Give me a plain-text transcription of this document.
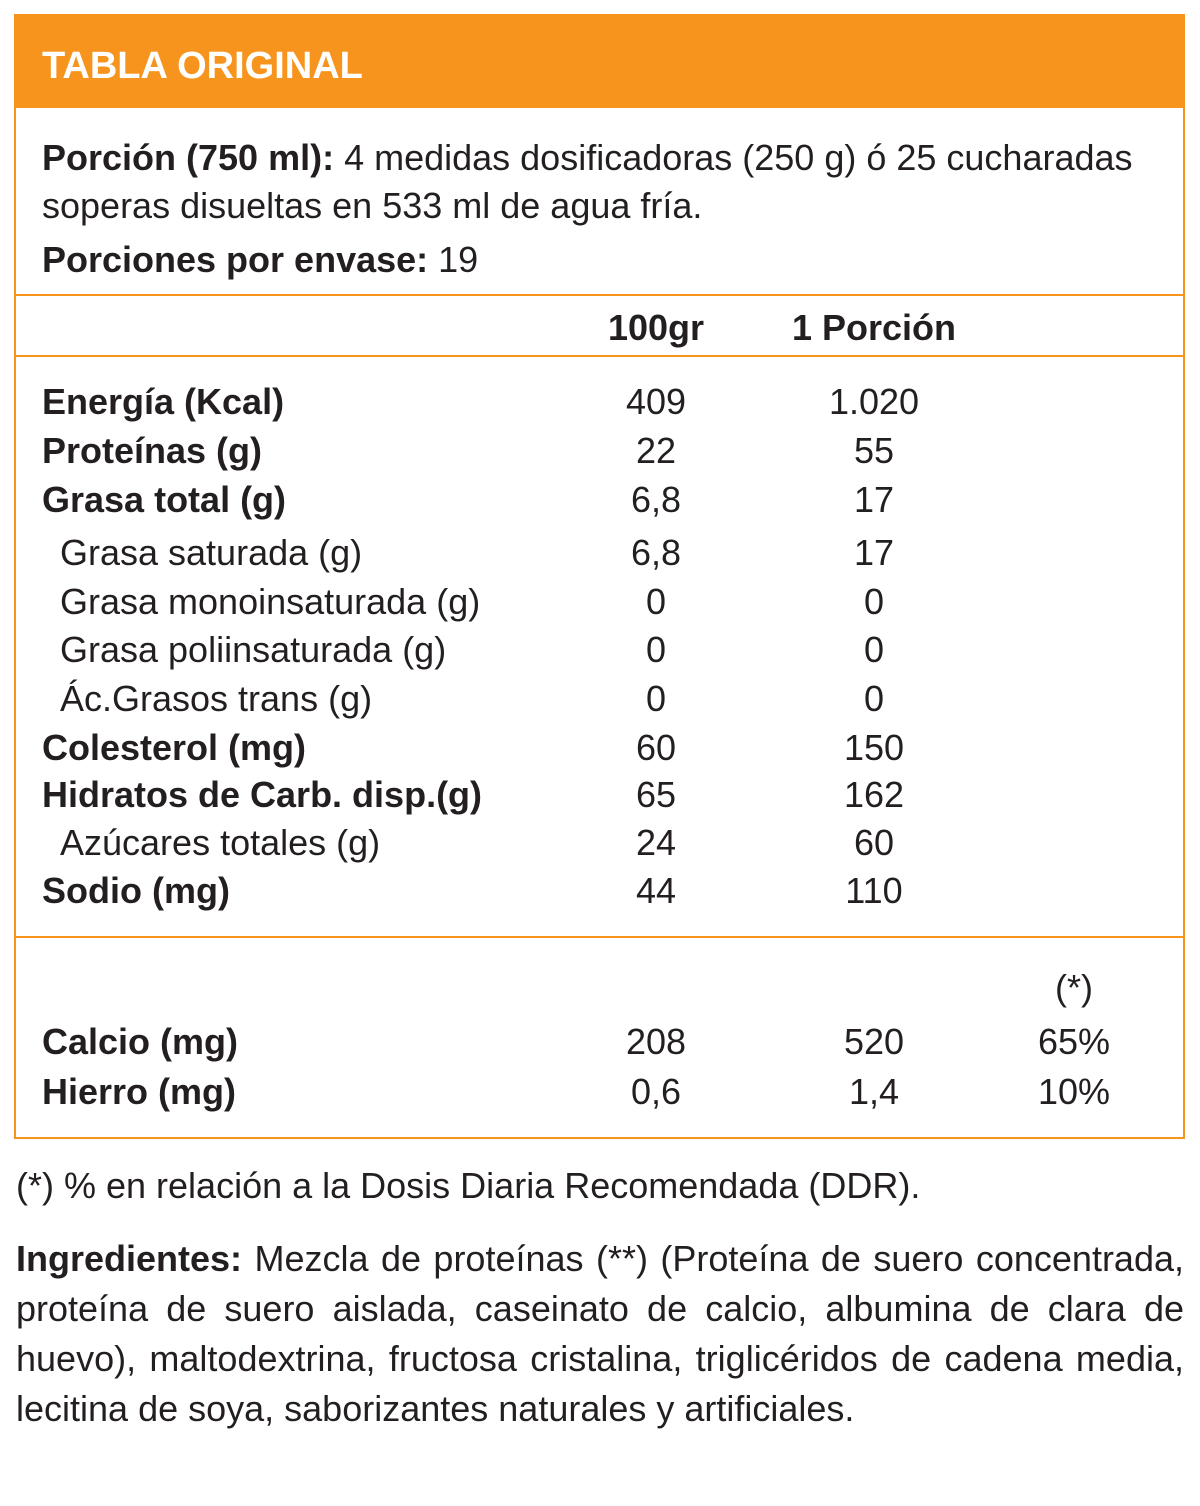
TABLA ORIGINAL
Porción (750 ml): 4 medidas dosificadoras (250 g) ó 25 cucharadas soperas disueltas en 533 ml de agua fría.
Porciones por envase: 19
100gr 1 Porción
Energía (Kcal)	409	1.020
Proteínas (g)	22	55
Grasa total (g)	6,8	17
Grasa saturada (g)	6,8	17
Grasa monoinsaturada (g)	0	0
Grasa poliinsaturada (g)	0	0
Ác.Grasos trans (g)	0	0
Colesterol (mg)	60	150
Hidratos de Carb. disp.(g)	65	162
Azúcares totales (g)	24	60
Sodio (mg)	44	110
(*)
Calcio (mg)	208	520	65%
Hierro (mg)	0,6	1,4	10%
(*) % en relación a la Dosis Diaria Recomendada (DDR).
Ingredientes: Mezcla de proteínas (**) (Proteína de suero concentrada, proteína de suero aislada, caseinato de calcio, albumina de clara de huevo), maltodextrina, fructosa cristalina, triglicéridos de cadena media, lecitina de soya, saborizantes naturales y artificiales.
